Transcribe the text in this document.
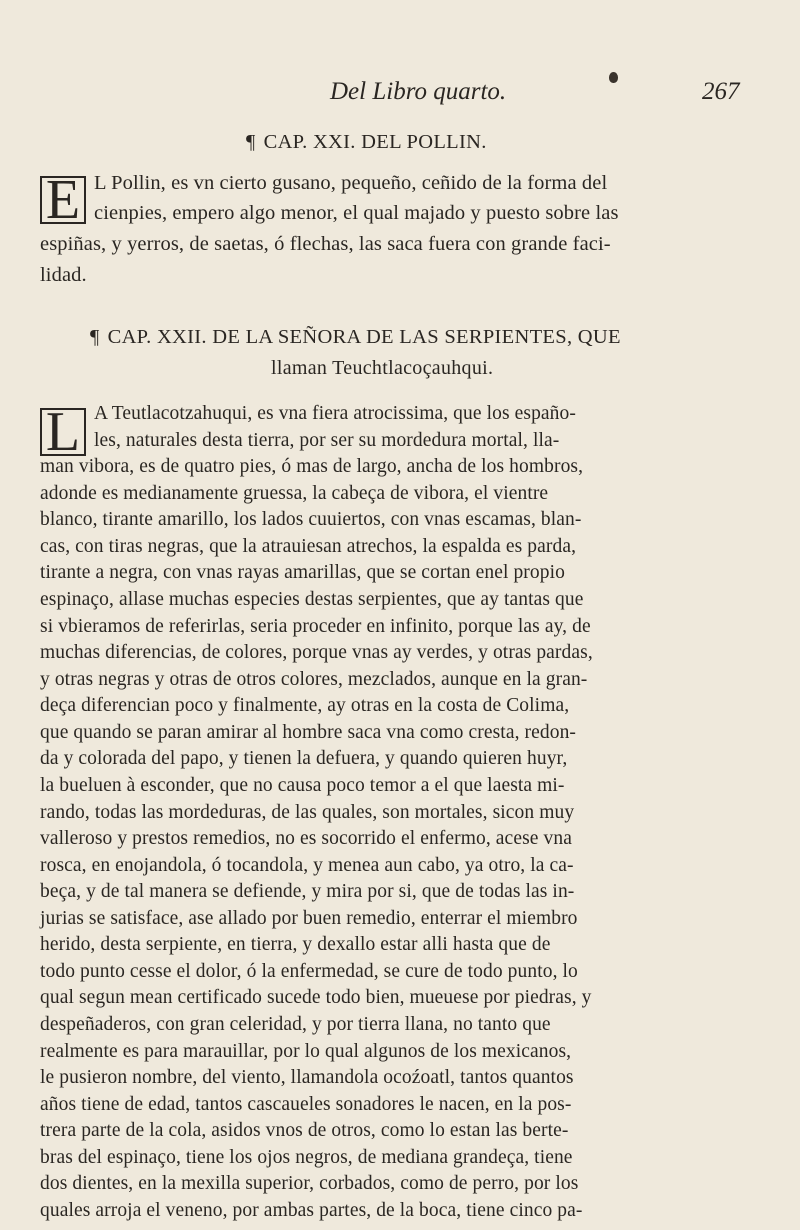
Del Libro quarto.	267
¶ CAP. XXI. DEL POLLIN.
E L Pollin, es vn cierto gusano, pequeño, ceñido de la forma del
cienpies, empero algo menor, el qual majado y puesto sobre las
espiñas, y yerros, de saetas, ó flechas, las saca fuera con grande faci-
lidad.
¶ CAP. XXII. DE LA SEÑORA DE LAS SERPIENTES, QUE
llaman Teuchtlacoçauhqui.
L A Teutlacotzahuqui, es vna fiera atrocissima, que los españo-
les, naturales desta tierra, por ser su mordedura mortal, lla-
man vibora, es de quatro pies, ó mas de largo, ancha de los hombros,
adonde es medianamente gruessa, la cabeça de vibora, el vientre
blanco, tirante amarillo, los lados cuuiertos, con vnas escamas, blan-
cas, con tiras negras, que la atrauiesan atrechos, la espalda es parda,
tirante a negra, con vnas rayas amarillas, que se cortan enel propio
espinaço, allase muchas especies destas serpientes, que ay tantas que
si vbieramos de referirlas, seria proceder en infinito, porque las ay, de
muchas diferencias, de colores, porque vnas ay verdes, y otras pardas,
y otras negras y otras de otros colores, mezclados, aunque en la gran-
deça diferencian poco y finalmente, ay otras en la costa de Colima,
que quando se paran amirar al hombre saca vna como cresta, redon-
da y colorada del papo, y tienen la defuera, y quando quieren huyr,
la bueluen à esconder, que no causa poco temor a el que laesta mi-
rando, todas las mordeduras, de las quales, son mortales, sicon muy
valleroso y prestos remedios, no es socorrido el enfermo, acese vna
rosca, en enojandola, ó tocandola, y menea aun cabo, ya otro, la ca-
beça, y de tal manera se defiende, y mira por si, que de todas las in-
jurias se satisface, ase allado por buen remedio, enterrar el miembro
herido, desta serpiente, en tierra, y dexallo estar alli hasta que de
todo punto cesse el dolor, ó la enfermedad, se cure de todo punto, lo
qual segun mean certificado sucede todo bien, mueuese por piedras, y
despeñaderos, con gran celeridad, y por tierra llana, no tanto que
realmente es para marauillar, por lo qual algunos de los mexicanos,
le pusieron nombre, del viento, llamandola ocoźoatl, tantos quantos
años tiene de edad, tantos cascaueles sonadores le nacen, en la pos-
trera parte de la cola, asidos vnos de otros, como lo estan las berte-
bras del espinaço, tiene los ojos negros, de mediana grandeça, tiene
dos dientes, en la mexilla superior, corbados, como de perro, por los
quales arroja el veneno, por ambas partes, de la boca, tiene cinco pa-
